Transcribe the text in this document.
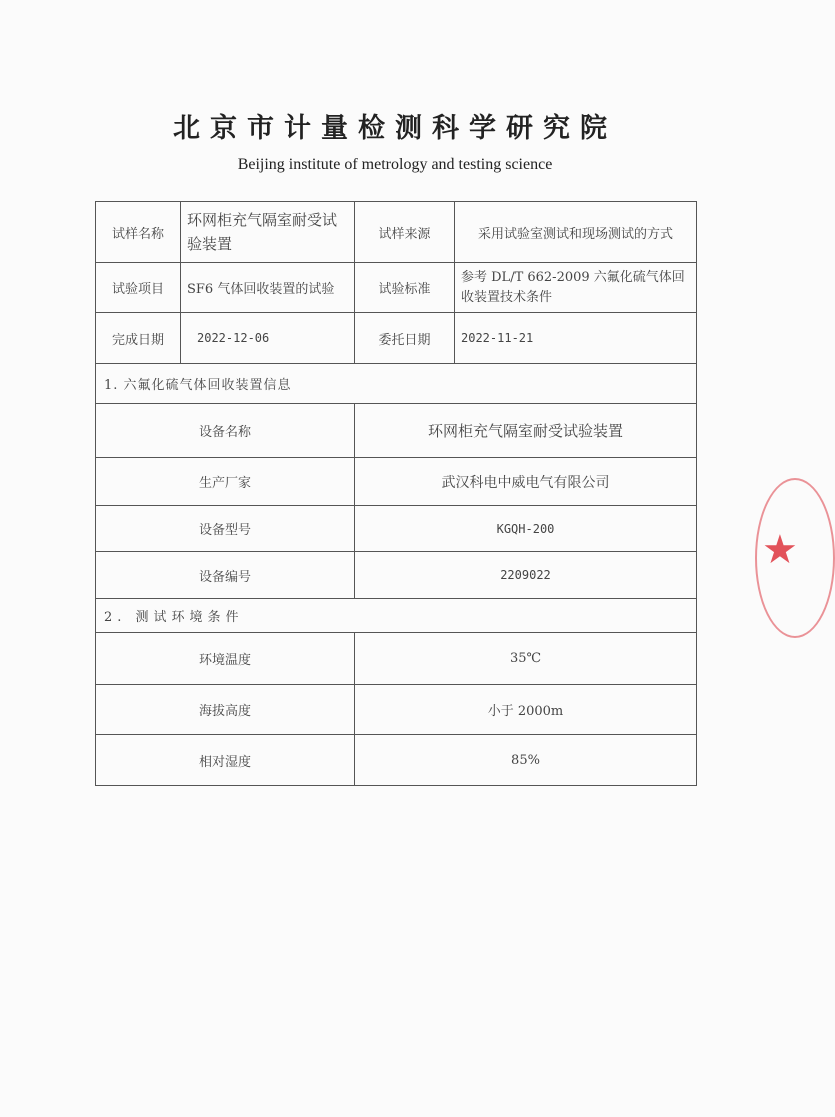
北京市计量检测科学研究院
Beijing institute of metrology and testing science
试样名称	环网柜充气隔室耐受试验装置	试样来源	采用试验室测试和现场测试的方式
试验项目	SF6 气体回收装置的试验	试验标准	参考 DL/T 662-2009 六氟化硫气体回收装置技术条件
完成日期	2022-12-06	委托日期	2022-11-21
1. 六氟化硫气体回收装置信息			
设备名称		环网柜充气隔室耐受试验装置	
生产厂家		武汉科电中威电气有限公司	
设备型号		KGQH-200	
设备编号		2209022	
2. 测试环境条件			
环境温度		35℃	
海拔高度		小于 2000m	
相对湿度		85%	
★
